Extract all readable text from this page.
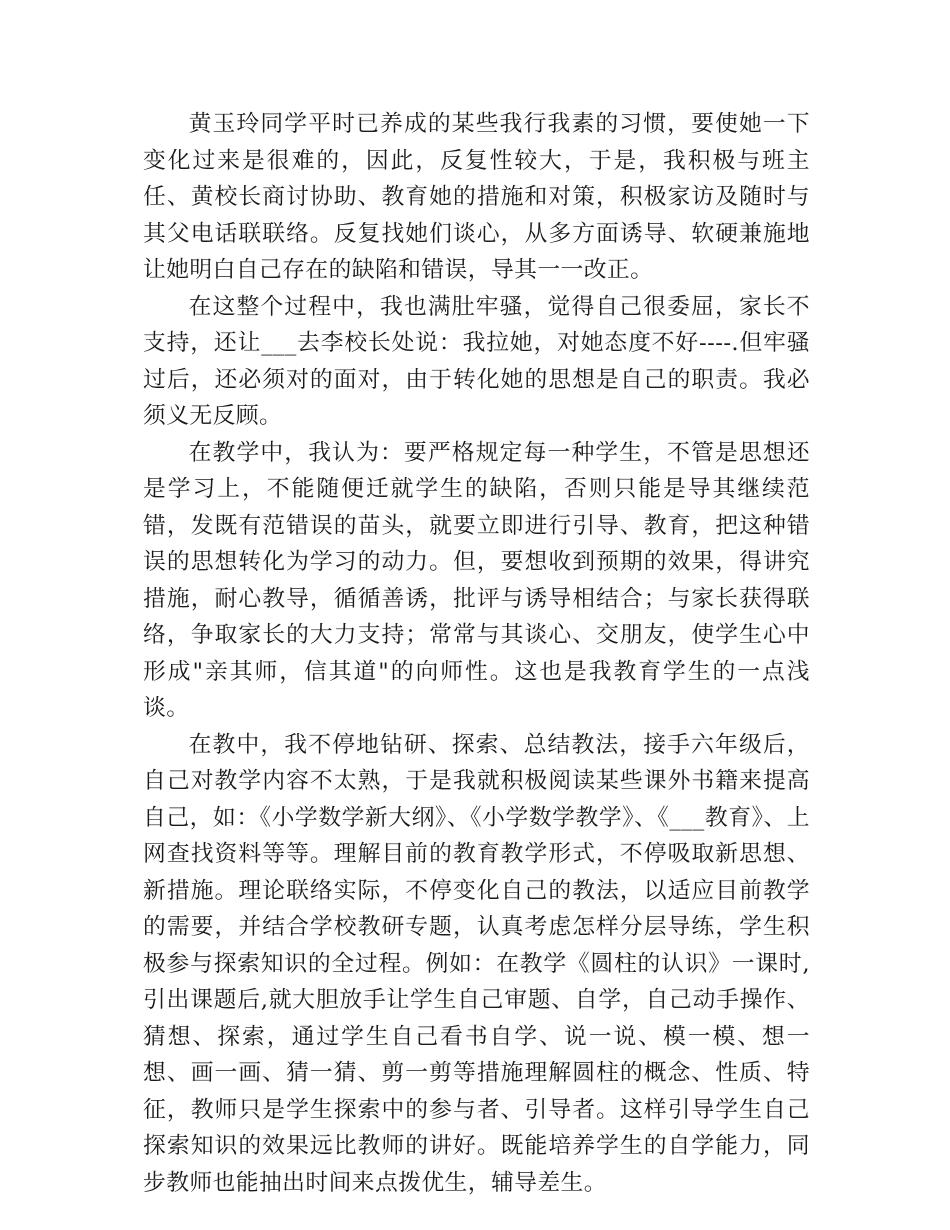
黄玉玲同学平时已养成的某些我行我素的习惯，要使她一下变化过来是很难的，因此，反复性较大，于是，我积极与班主任、黄校长商讨协助、教育她的措施和对策，积极家访及随时与其父电话联联络。反复找她们谈心，从多方面诱导、软硬兼施地让她明白自己存在的缺陷和错误，导其一一改正。

在这整个过程中，我也满肚牢骚，觉得自己很委屈，家长不支持，还让___去李校长处说：我拉她，对她态度不好----.但牢骚过后，还必须对的面对，由于转化她的思想是自己的职责。我必须义无反顾。

在教学中，我认为：要严格规定每一种学生，不管是思想还是学习上，不能随便迁就学生的缺陷，否则只能是导其继续范错，发既有范错误的苗头，就要立即进行引导、教育，把这种错误的思想转化为学习的动力。但，要想收到预期的效果，得讲究措施，耐心教导，循循善诱，批评与诱导相结合；与家长获得联络，争取家长的大力支持；常常与其谈心、交朋友，使学生心中形成"亲其师，信其道"的向师性。这也是我教育学生的一点浅谈。

在教中，我不停地钻研、探索、总结教法，接手六年级后，自己对教学内容不太熟，于是我就积极阅读某些课外书籍来提高自己，如：《小学数学新大纲》、《小学数学教学》、《___教育》、上网查找资料等等。理解目前的教育教学形式，不停吸取新思想、新措施。理论联络实际，不停变化自己的教法，以适应目前教学的需要，并结合学校教研专题，认真考虑怎样分层导练，学生积极参与探索知识的全过程。例如：在教学《圆柱的认识》一课时,引出课题后,就大胆放手让学生自己审题、自学，自己动手操作、猜想、探索，通过学生自己看书自学、说一说、模一模、想一想、画一画、猜一猜、剪一剪等措施理解圆柱的概念、性质、特征，教师只是学生探索中的参与者、引导者。这样引导学生自己探索知识的效果远比教师的讲好。既能培养学生的自学能力，同步教师也能抽出时间来点拨优生，辅导差生。
